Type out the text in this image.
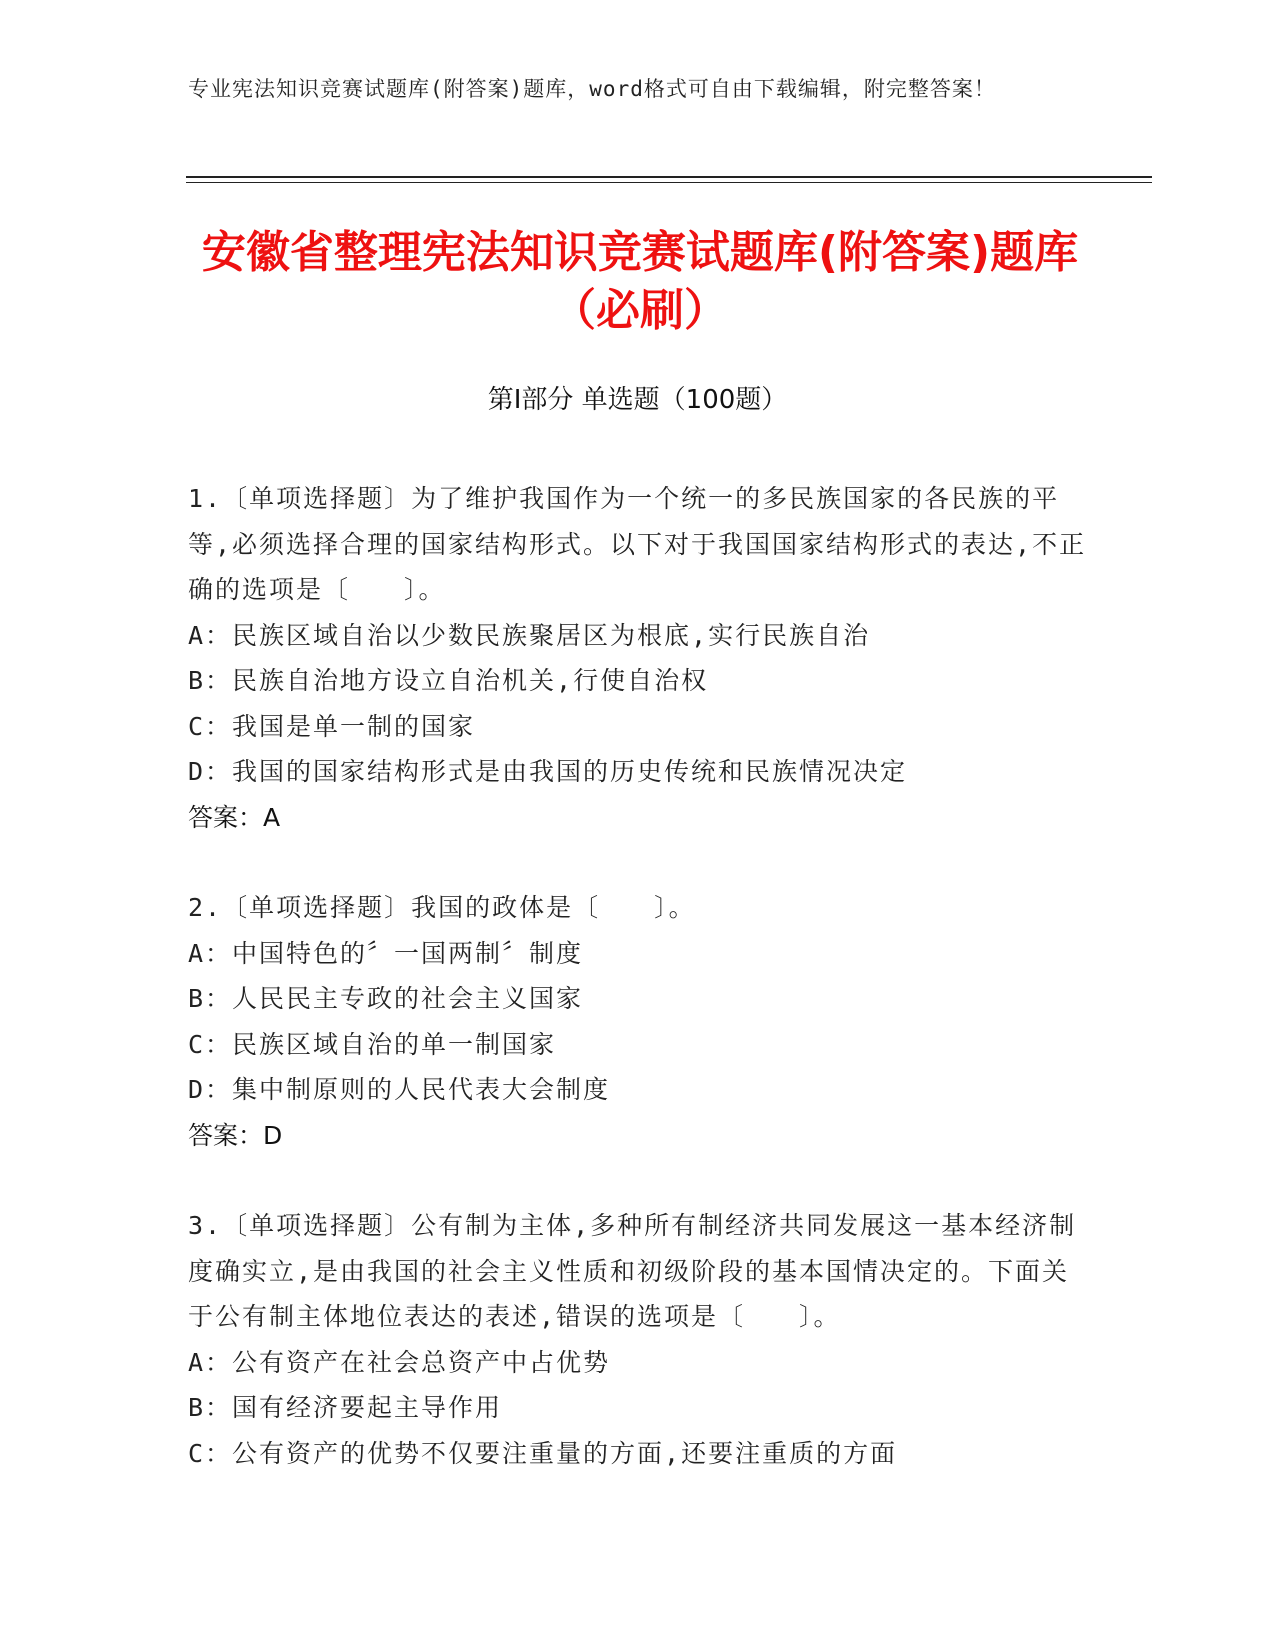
专业宪法知识竞赛试题库(附答案)题库，word格式可自由下载编辑，附完整答案！
安徽省整理宪法知识竞赛试题库(附答案)题库（必刷）
第Ⅰ部分 单选题（100题）

1.〔单项选择题〕为了维护我国作为一个统一的多民族国家的各民族的平等,必须选择合理的国家结构形式。以下对于我国国家结构形式的表达,不正确的选项是〔　　〕。

A：民族区域自治以少数民族聚居区为根底,实行民族自治

B：民族自治地方设立自治机关,行使自治权

C：我国是单一制的国家

D：我国的国家结构形式是由我国的历史传统和民族情况决定

答案：A

2.〔单项选择题〕我国的政体是〔　　〕。

A：中国特色的〞一国两制〞制度

B：人民民主专政的社会主义国家

C：民族区域自治的单一制国家

D：集中制原则的人民代表大会制度

答案：D

3.〔单项选择题〕公有制为主体,多种所有制经济共同发展这一基本经济制度确实立,是由我国的社会主义性质和初级阶段的基本国情决定的。下面关于公有制主体地位表达的表述,错误的选项是〔　　〕。

A：公有资产在社会总资产中占优势

B：国有经济要起主导作用

C：公有资产的优势不仅要注重量的方面,还要注重质的方面
